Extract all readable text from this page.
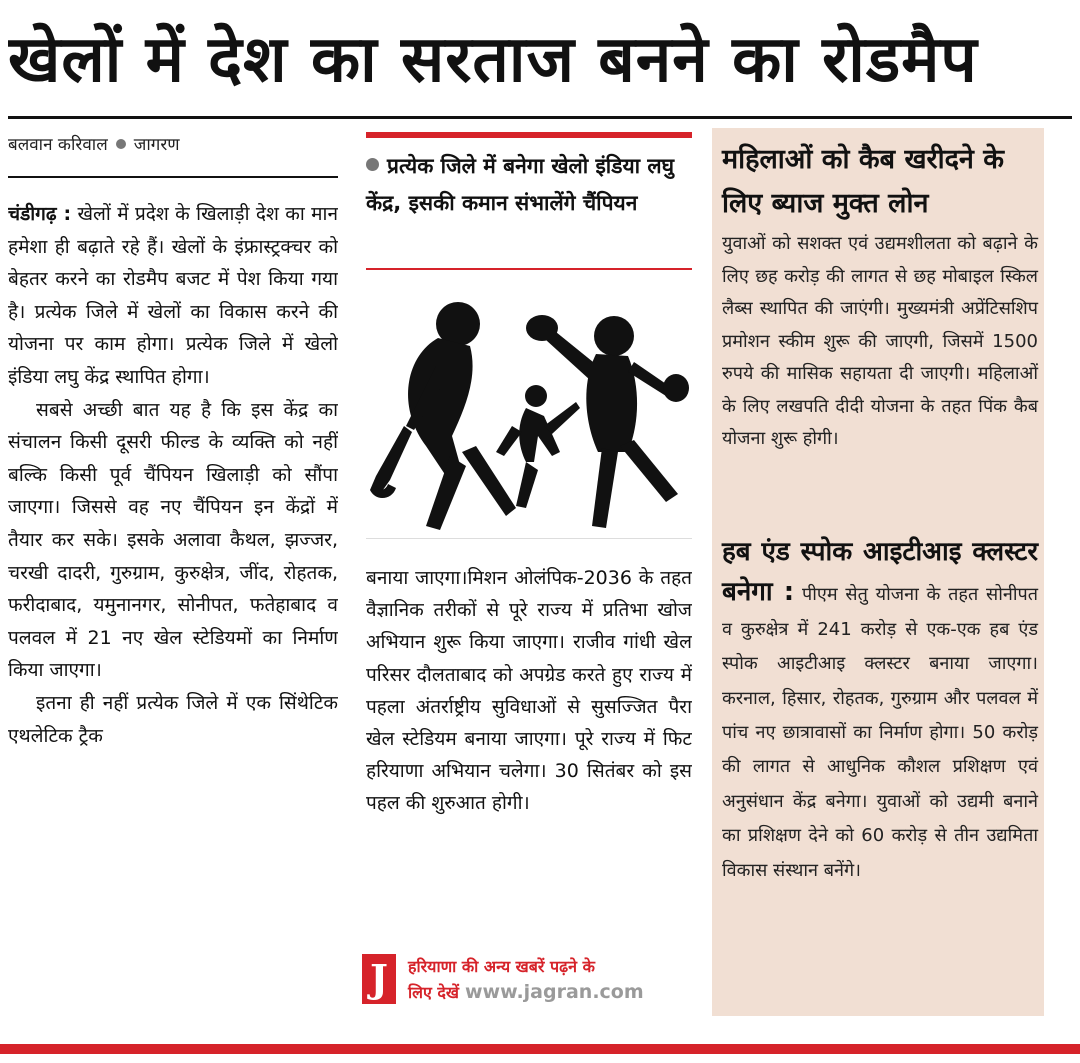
खेलों में देश का सरताज बनने का रोडमैप
बलवान करिवाल जागरण

चंडीगढ़ : खेलों में प्रदेश के खिलाड़ी देश का मान हमेशा ही बढ़ाते रहे हैं। खेलों के इंफ्रास्ट्रक्चर को बेहतर करने का रोडमैप बजट में पेश किया गया है। प्रत्येक जिले में खेलों का विकास करने की योजना पर काम होगा। प्रत्येक जिले में खेलो इंडिया लघु केंद्र स्थापित होगा।

सबसे अच्छी बात यह है कि इस केंद्र का संचालन किसी दूसरी फील्ड के व्यक्ति को नहीं बल्कि किसी पूर्व चैंपियन खिलाड़ी को सौंपा जाएगा। जिससे वह नए चैंपियन इन केंद्रों में तैयार कर सके। इसके अलावा कैथल, झज्जर, चरखी दादरी, गुरुग्राम, कुरुक्षेत्र, जींद, रोहतक, फरीदाबाद, यमुनानगर, सोनीपत, फतेहाबाद व पलवल में 21 नए खेल स्टेडियमों का निर्माण किया जाएगा।

इतना ही नहीं प्रत्येक जिले में एक सिंथेटिक एथलेटिक ट्रैक

प्रत्येक जिले में बनेगा खेलो इंडिया लघु केंद्र, इसकी कमान संभालेंगे चैंपियन

बनाया जाएगा।मिशन ओलंपिक-2036 के तहत वैज्ञानिक तरीकों से पूरे राज्य में प्रतिभा खोज अभियान शुरू किया जाएगा। राजीव गांधी खेल परिसर दौलताबाद को अपग्रेड करते हुए राज्य में पहला अंतर्राष्ट्रीय सुविधाओं से सुसज्जित पैरा खेल स्टेडियम बनाया जाएगा। पूरे राज्य में फिट हरियाणा अभियान चलेगा। 30 सितंबर को इस पहल की शुरुआत होगी।

J	हरियाणा की अन्य खबरें पढ़ने के
लिए देखें www.jagran.com
महिलाओं को कैब खरीदने के लिए ब्याज मुक्त लोन
युवाओं को सशक्त एवं उद्यमशीलता को बढ़ाने के लिए छह करोड़ की लागत से छह मोबाइल स्किल लैब्स स्थापित की जाएंगी। मुख्यमंत्री अप्रेंटिसशिप प्रमोशन स्कीम शुरू की जाएगी, जिसमें 1500 रुपये की मासिक सहायता दी जाएगी। महिलाओं के लिए लखपति दीदी योजना के तहत पिंक कैब योजना शुरू होगी।
हब एंड स्पोक आइटीआइ क्लस्टर बनेगा : पीएम सेतु योजना के तहत सोनीपत व कुरुक्षेत्र में 241 करोड़ से एक-एक हब एंड स्पोक आइटीआइ क्लस्टर बनाया जाएगा। करनाल, हिसार, रोहतक, गुरुग्राम और पलवल में पांच नए छात्रावासों का निर्माण होगा। 50 करोड़ की लागत से आधुनिक कौशल प्रशिक्षण एवं अनुसंधान केंद्र बनेगा। युवाओं को उद्यमी बनाने का प्रशिक्षण देने को 60 करोड़ से तीन उद्यमिता विकास संस्थान बनेंगे।
